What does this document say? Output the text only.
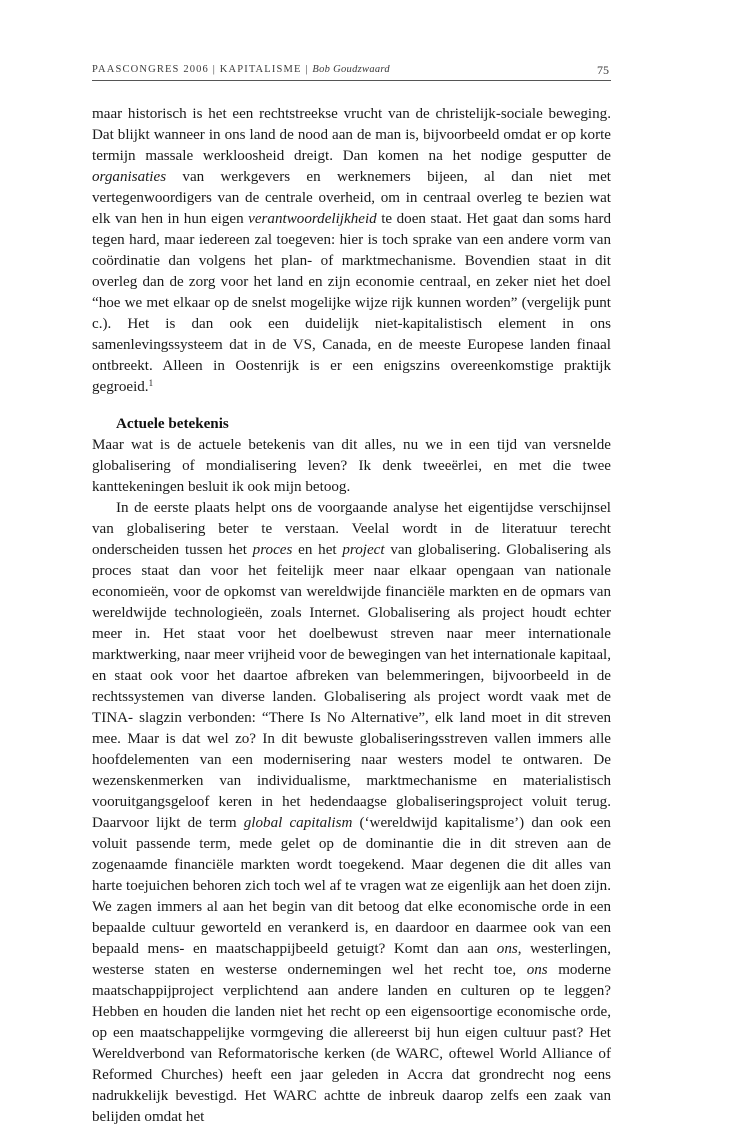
PAASCONGRES 2006 | KAPITALISME | Bob Goudzwaard	75

maar historisch is het een rechtstreekse vrucht van de christelijk-sociale beweging. Dat blijkt wanneer in ons land de nood aan de man is, bijvoorbeeld omdat er op korte termijn massale werkloosheid dreigt. Dan komen na het nodige gesputter de organisaties van werkgevers en werknemers bijeen, al dan niet met vertegenwoordigers van de centrale overheid, om in centraal overleg te bezien wat elk van hen in hun eigen verantwoordelijkheid te doen staat. Het gaat dan soms hard tegen hard, maar iedereen zal toegeven: hier is toch sprake van een andere vorm van coördinatie dan volgens het plan- of marktmechanisme. Bovendien staat in dit overleg dan de zorg voor het land en zijn economie centraal, en zeker niet het doel “hoe we met elkaar op de snelst mogelijke wijze rijk kunnen worden” (vergelijk punt c.). Het is dan ook een duidelijk niet-kapitalistisch element in ons samenlevingssysteem dat in de VS, Canada, en de meeste Europese landen finaal ontbreekt. Alleen in Oostenrijk is er een enigszins overeenkomstige praktijk gegroeid.$^1$

Actuele betekenis

Maar wat is de actuele betekenis van dit alles, nu we in een tijd van versnelde globalisering of mondialisering leven? Ik denk tweeërlei, en met die twee kanttekeningen besluit ik ook mijn betoog.

In de eerste plaats helpt ons de voorgaande analyse het eigentijdse verschijnsel van globalisering beter te verstaan. Veelal wordt in de literatuur terecht onderscheiden tussen het proces en het project van globalisering. Globalisering als proces staat dan voor het feitelijk meer naar elkaar opengaan van nationale economieën, voor de opkomst van wereldwijde financiële markten en de opmars van wereldwijde technologieën, zoals Internet. Globalisering als project houdt echter meer in. Het staat voor het doelbewust streven naar meer internationale marktwerking, naar meer vrijheid voor de bewegingen van het internationale kapitaal, en staat ook voor het daartoe afbreken van belemmeringen, bijvoorbeeld in de rechtssystemen van diverse landen. Globalisering als project wordt vaak met de TINA- slagzin verbonden: “There Is No Alternative”, elk land moet in dit streven mee. Maar is dat wel zo? In dit bewuste globaliseringsstreven vallen immers alle hoofdelementen van een modernisering naar westers model te ontwaren. De wezenskenmerken van individualisme, marktmechanisme en materialistisch vooruitgangsgeloof keren in het hedendaagse globaliseringsproject voluit terug. Daarvoor lijkt de term global capitalism (‘wereldwijd kapitalisme’) dan ook een voluit passende term, mede gelet op de dominantie die in dit streven aan de zogenaamde financiële markten wordt toegekend. Maar degenen die dit alles van harte toejuichen behoren zich toch wel af te vragen wat ze eigenlijk aan het doen zijn. We zagen immers al aan het begin van dit betoog dat elke economische orde in een bepaalde cultuur geworteld en verankerd is, en daardoor en daarmee ook van een bepaald mens- en maatschappijbeeld getuigt? Komt dan aan ons, westerlingen, westerse staten en westerse ondernemingen wel het recht toe, ons moderne maatschappijproject verplichtend aan andere landen en culturen op te leggen? Hebben en houden die landen niet het recht op een eigensoortige economische orde, op een maatschappelijke vormgeving die allereerst bij hun eigen cultuur past? Het Wereldverbond van Reformatorische kerken (de WARC, oftewel World Alliance of Reformed Churches) heeft een jaar geleden in Accra dat grondrecht nog eens nadrukkelijk bevestigd. Het WARC achtte de inbreuk daarop zelfs een zaak van belijden omdat het
